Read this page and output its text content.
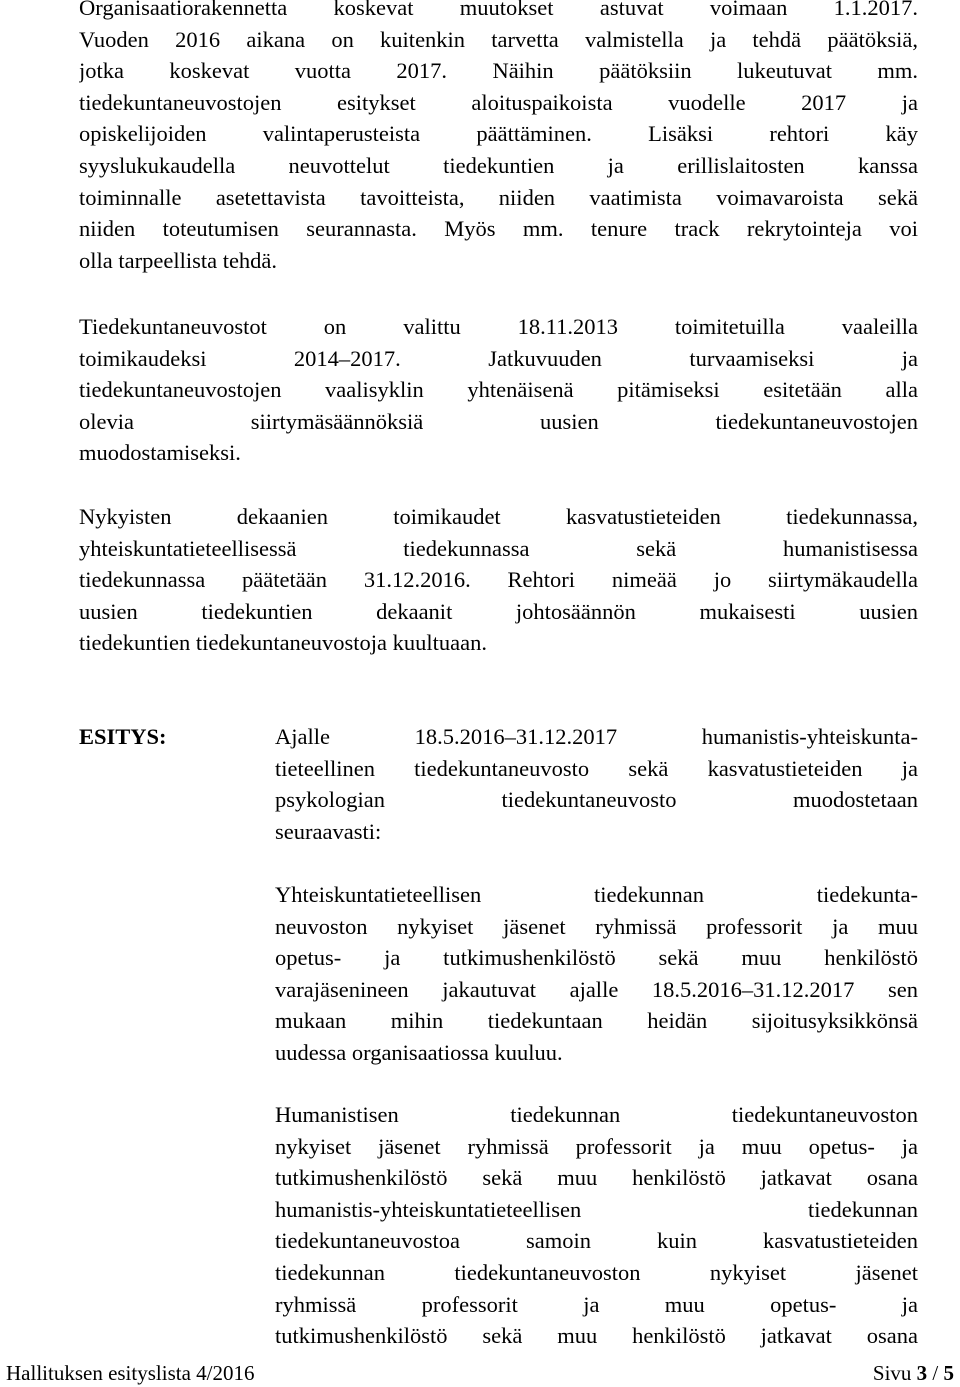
Organisaatiorakennetta koskevat muutokset astuvat voimaan 1.1.2017.
Vuoden 2016 aikana on kuitenkin tarvetta valmistella ja tehdä päätöksiä,
jotka koskevat vuotta 2017. Näihin päätöksiin lukeutuvat mm.
tiedekuntaneuvostojen esitykset aloituspaikoista vuodelle 2017 ja
opiskelijoiden valintaperusteista päättäminen. Lisäksi rehtori käy
syyslukukaudella neuvottelut tiedekuntien ja erillislaitosten kanssa
toiminnalle asetettavista tavoitteista, niiden vaatimista voimavaroista sekä
niiden toteutumisen seurannasta. Myös mm. tenure track rekrytointeja voi
olla tarpeellista tehdä.
Tiedekuntaneuvostot on valittu 18.11.2013 toimitetuilla vaaleilla
toimikaudeksi 2014–2017. Jatkuvuuden turvaamiseksi ja
tiedekuntaneuvostojen vaalisyklin yhtenäisenä pitämiseksi esitetään alla
olevia siirtymäsäännöksiä uusien tiedekuntaneuvostojen
muodostamiseksi.
Nykyisten dekaanien toimikaudet kasvatustieteiden tiedekunnassa,
yhteiskuntatieteellisessä tiedekunnassa sekä humanistisessa
tiedekunnassa päätetään 31.12.2016. Rehtori nimeää jo siirtymäkaudella
uusien tiedekuntien dekaanit johtosäännön mukaisesti uusien
tiedekuntien tiedekuntaneuvostoja kuultuaan.
ESITYS:	Ajalle 18.5.2016–31.12.2017 humanistis-yhteiskunta-
tieteellinen tiedekuntaneuvosto sekä kasvatustieteiden ja
psykologian tiedekuntaneuvosto muodostetaan
seuraavasti:
Yhteiskuntatieteellisen tiedekunnan tiedekunta-
neuvoston nykyiset jäsenet ryhmissä professorit ja muu
opetus- ja tutkimushenkilöstö sekä muu henkilöstö
varajäsenineen jakautuvat ajalle 18.5.2016–31.12.2017 sen
mukaan mihin tiedekuntaan heidän sijoitusyksikkönsä
uudessa organisaatiossa kuuluu.
Humanistisen tiedekunnan tiedekuntaneuvoston
nykyiset jäsenet ryhmissä professorit ja muu opetus- ja
tutkimushenkilöstö sekä muu henkilöstö jatkavat osana
humanistis-yhteiskuntatieteellisen tiedekunnan
tiedekuntaneuvostoa samoin kuin kasvatustieteiden
tiedekunnan tiedekuntaneuvoston nykyiset jäsenet
ryhmissä professorit ja muu opetus- ja
tutkimushenkilöstö sekä muu henkilöstö jatkavat osana
Hallituksen esityslista 4/2016	Sivu 3 / 5
